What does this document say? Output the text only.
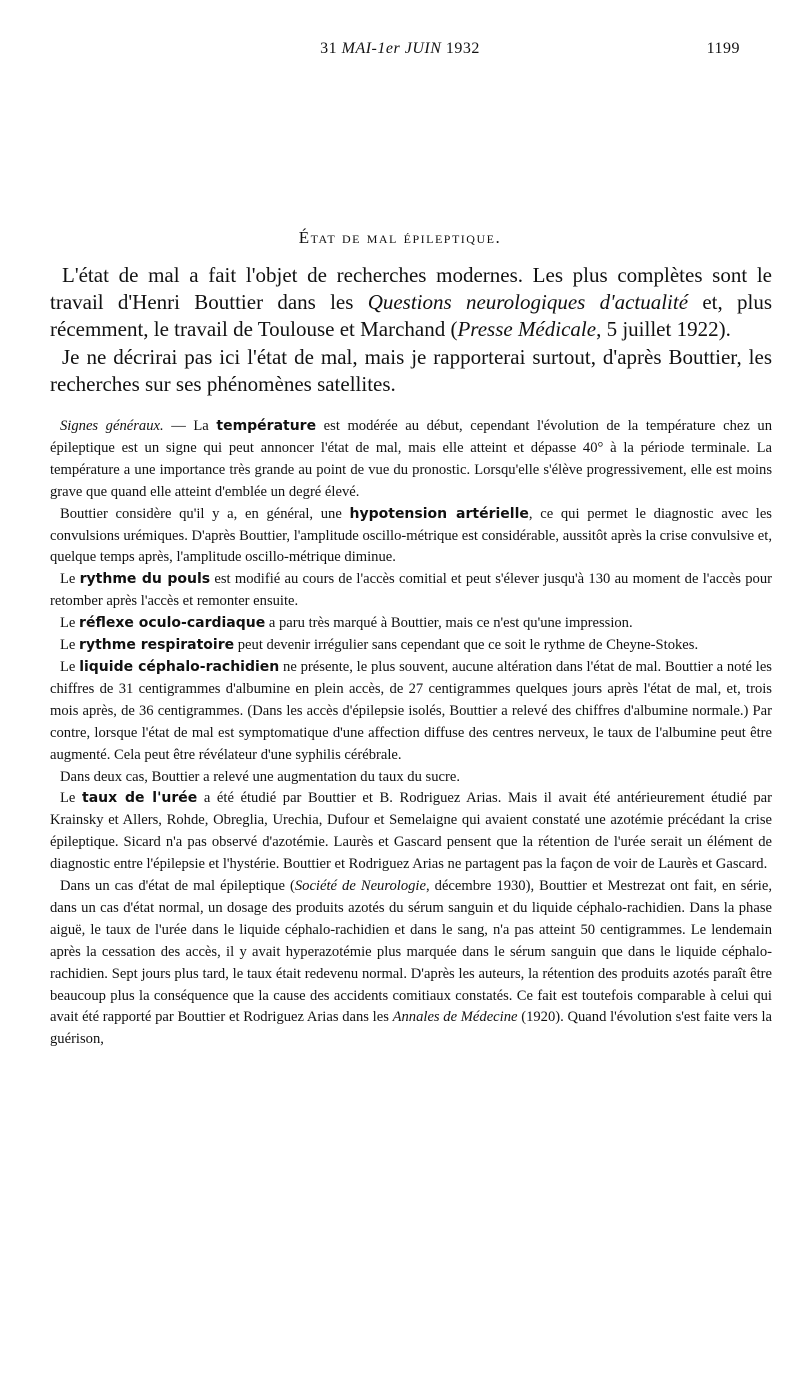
31 MAI-1er JUIN 1932	1199
État de mal épileptique.

L'état de mal a fait l'objet de recherches modernes. Les plus complètes sont le travail d'Henri Bouttier dans les Questions neurologiques d'actualité et, plus récemment, le travail de Toulouse et Marchand (Presse Médicale, 5 juillet 1922).

Je ne décrirai pas ici l'état de mal, mais je rapporterai surtout, d'après Bouttier, les recherches sur ses phénomènes satellites.

Signes généraux. — La température est modérée au début, cependant l'évolution de la température chez un épileptique est un signe qui peut annoncer l'état de mal, mais elle atteint et dépasse 40° à la période terminale. La température a une importance très grande au point de vue du pronostic. Lorsqu'elle s'élève progressivement, elle est moins grave que quand elle atteint d'emblée un degré élevé.

Bouttier considère qu'il y a, en général, une hypotension artérielle, ce qui permet le diagnostic avec les convulsions urémiques. D'après Bouttier, l'amplitude oscillo-métrique est considérable, aussitôt après la crise convulsive et, quelque temps après, l'amplitude oscillo-métrique diminue.

Le rythme du pouls est modifié au cours de l'accès comitial et peut s'élever jusqu'à 130 au moment de l'accès pour retomber après l'accès et remonter ensuite.

Le réflexe oculo-cardiaque a paru très marqué à Bouttier, mais ce n'est qu'une impression.

Le rythme respiratoire peut devenir irrégulier sans cependant que ce soit le rythme de Cheyne-Stokes.

Le liquide céphalo-rachidien ne présente, le plus souvent, aucune altération dans l'état de mal. Bouttier a noté les chiffres de 31 centigrammes d'albumine en plein accès, de 27 centigrammes quelques jours après l'état de mal, et, trois mois après, de 36 centigrammes. (Dans les accès d'épilepsie isolés, Bouttier a relevé des chiffres d'albumine normale.) Par contre, lorsque l'état de mal est symptomatique d'une affection diffuse des centres nerveux, le taux de l'albumine peut être augmenté. Cela peut être révélateur d'une syphilis cérébrale.

Dans deux cas, Bouttier a relevé une augmentation du taux du sucre.

Le taux de l'urée a été étudié par Bouttier et B. Rodriguez Arias. Mais il avait été antérieurement étudié par Krainsky et Allers, Rohde, Obreglia, Urechia, Dufour et Semelaigne qui avaient constaté une azotémie précédant la crise épileptique. Sicard n'a pas observé d'azotémie. Laurès et Gascard pensent que la rétention de l'urée serait un élément de diagnostic entre l'épilepsie et l'hystérie. Bouttier et Rodriguez Arias ne partagent pas la façon de voir de Laurès et Gascard.

Dans un cas d'état de mal épileptique (Société de Neurologie, décembre 1930), Bouttier et Mestrezat ont fait, en série, dans un cas d'état normal, un dosage des produits azotés du sérum sanguin et du liquide céphalo-rachidien. Dans la phase aiguë, le taux de l'urée dans le liquide céphalo-rachidien et dans le sang, n'a pas atteint 50 centigrammes. Le lendemain après la cessation des accès, il y avait hyperazotémie plus marquée dans le sérum sanguin que dans le liquide céphalo-rachidien. Sept jours plus tard, le taux était redevenu normal. D'après les auteurs, la rétention des produits azotés paraît être beaucoup plus la conséquence que la cause des accidents comitiaux constatés. Ce fait est toutefois comparable à celui qui avait été rapporté par Bouttier et Rodriguez Arias dans les Annales de Médecine (1920). Quand l'évolution s'est faite vers la guérison,
